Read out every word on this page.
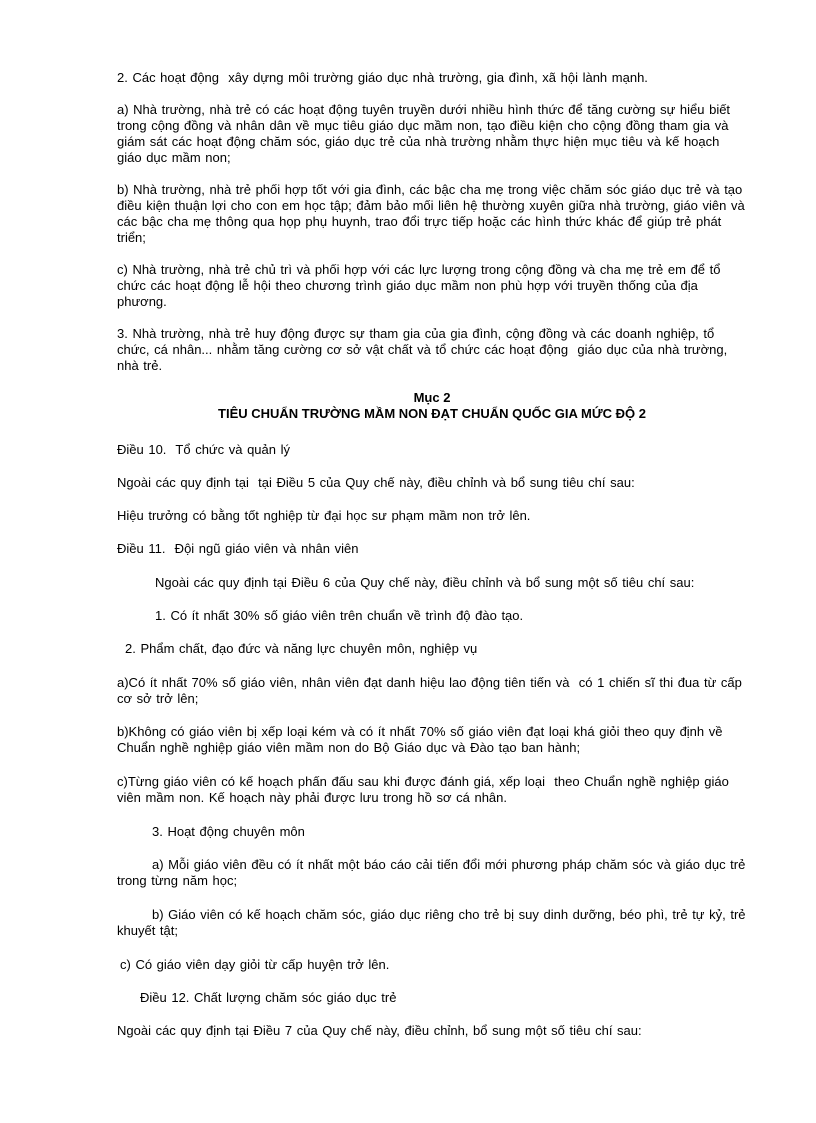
2. Các hoạt động  xây dựng môi trường giáo dục nhà trường, gia đình, xã hội lành mạnh.

a) Nhà trường, nhà trẻ có các hoạt động tuyên truyền dưới nhiều hình thức để tăng cường sự hiểu biết trong cộng đồng và nhân dân về mục tiêu giáo dục mầm non, tạo điều kiện cho cộng đồng tham gia và giám sát các hoạt động chăm sóc, giáo dục trẻ của nhà trường nhằm thực hiện mục tiêu và kế hoạch giáo dục mầm non;

b) Nhà trường, nhà trẻ phối hợp tốt với gia đình, các bậc cha mẹ trong việc chăm sóc giáo dục trẻ và tạo điều kiện thuận lợi cho con em học tập; đảm bảo mối liên hệ thường xuyên giữa nhà trường, giáo viên và các bậc cha mẹ thông qua họp phụ huynh, trao đổi trực tiếp hoặc các hình thức khác để giúp trẻ phát triển;

c) Nhà trường, nhà trẻ chủ trì và phối hợp với các lực lượng trong cộng đồng và cha mẹ trẻ em để tổ chức các hoạt động lễ hội theo chương trình giáo dục mầm non phù hợp với truyền thống của địa phương.

3. Nhà trường, nhà trẻ huy động được sự tham gia của gia đình, cộng đồng và các doanh nghiệp, tổ chức, cá nhân... nhằm tăng cường cơ sở vật chất và tổ chức các hoạt động  giáo dục của nhà trường, nhà trẻ.

Mục 2

TIÊU CHUẨN TRƯỜNG MẦM NON ĐẠT CHUẨN QUỐC GIA MỨC ĐỘ 2

Điều 10.  Tổ chức và quản lý

Ngoài các quy định tại  tại Điều 5 của Quy chế này, điều chỉnh và bổ sung tiêu chí sau:

Hiệu trưởng có bằng tốt nghiệp từ đại học sư phạm mầm non trở lên.

Điều 11.  Đội ngũ giáo viên và nhân viên

Ngoài các quy định tại Điều 6 của Quy chế này, điều chỉnh và bổ sung một số tiêu chí sau:

1. Có ít nhất 30% số giáo viên trên chuẩn về trình độ đào tạo.

2. Phẩm chất, đạo đức và năng lực chuyên môn, nghiệp vụ

a)Có ít nhất 70% số giáo viên, nhân viên đạt danh hiệu lao động tiên tiến và  có 1 chiến sĩ thi đua từ cấp cơ sở trở lên;

b)Không có giáo viên bị xếp loại kém và có ít nhất 70% số giáo viên đạt loại khá giỏi theo quy định về Chuẩn nghề nghiệp giáo viên mầm non do Bộ Giáo dục và Đào tạo ban hành;

c)Từng giáo viên có kế hoạch phấn đấu sau khi được đánh giá, xếp loại  theo Chuẩn nghề nghiệp giáo viên mầm non. Kế hoạch này phải được lưu trong hồ sơ cá nhân.

3. Hoạt động chuyên môn

a) Mỗi giáo viên đều có ít nhất một báo cáo cải tiến đổi mới phương pháp chăm sóc và giáo dục trẻ trong từng năm học;

b) Giáo viên có kế hoạch chăm sóc, giáo dục riêng cho trẻ bị suy dinh dưỡng, béo phì, trẻ tự kỷ, trẻ khuyết tật;

c) Có giáo viên dạy giỏi từ cấp huyện trở lên.

Điều 12. Chất lượng chăm sóc giáo dục trẻ

Ngoài các quy định tại Điều 7 của Quy chế này, điều chỉnh, bổ sung một số tiêu chí sau:
